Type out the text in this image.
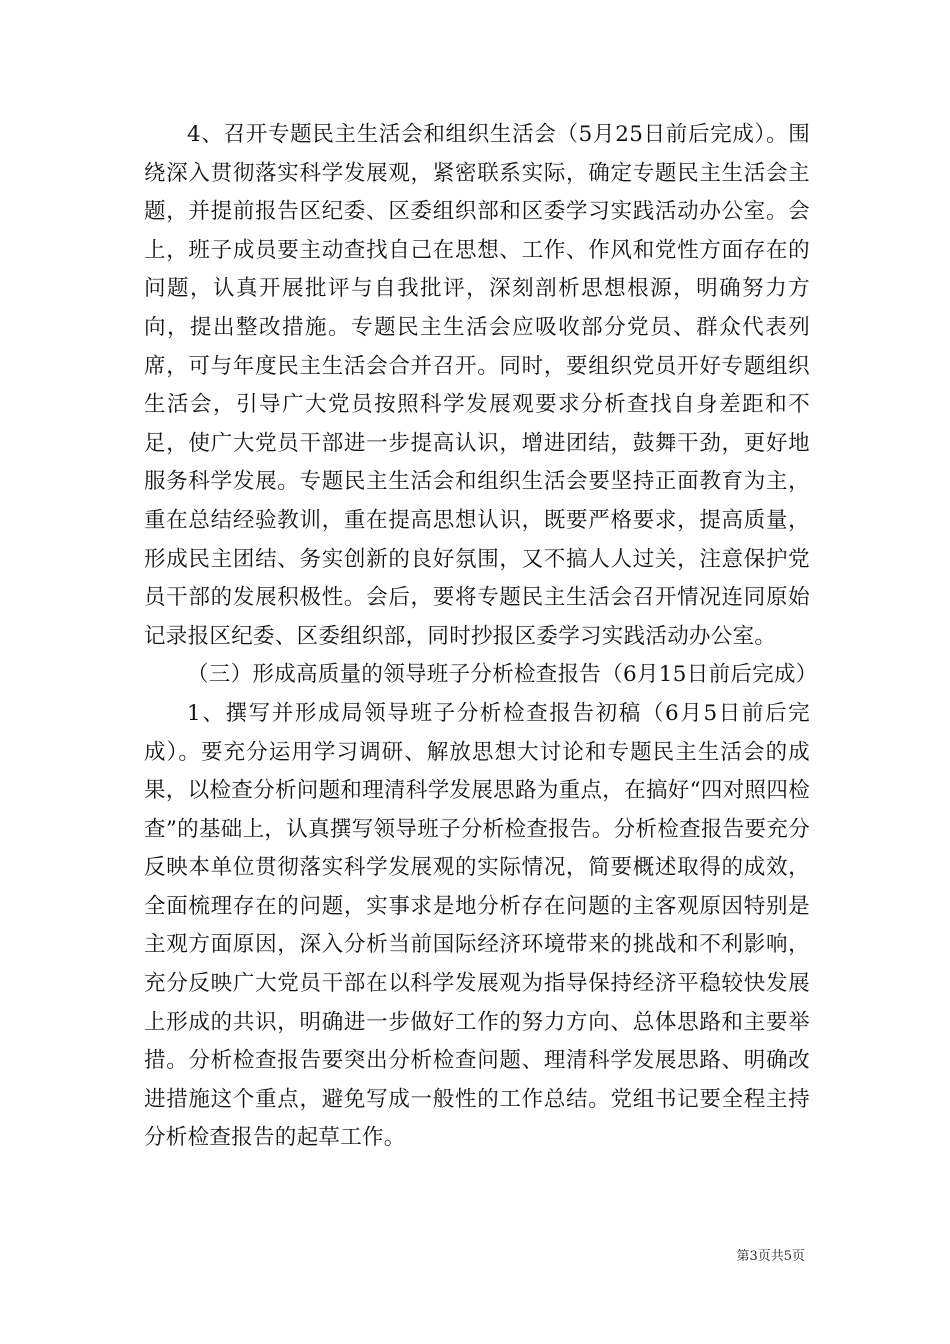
4、召开专题民主生活会和组织生活会（5月25日前后完成）。围绕深入贯彻落实科学发展观，紧密联系实际，确定专题民主生活会主题，并提前报告区纪委、区委组织部和区委学习实践活动办公室。会上，班子成员要主动查找自己在思想、工作、作风和党性方面存在的问题，认真开展批评与自我批评，深刻剖析思想根源，明确努力方向，提出整改措施。专题民主生活会应吸收部分党员、群众代表列席，可与年度民主生活会合并召开。同时，要组织党员开好专题组织生活会，引导广大党员按照科学发展观要求分析查找自身差距和不足，使广大党员干部进一步提高认识，增进团结，鼓舞干劲，更好地服务科学发展。专题民主生活会和组织生活会要坚持正面教育为主，重在总结经验教训，重在提高思想认识，既要严格要求，提高质量，形成民主团结、务实创新的良好氛围，又不搞人人过关，注意保护党员干部的发展积极性。会后，要将专题民主生活会召开情况连同原始记录报区纪委、区委组织部，同时抄报区委学习实践活动办公室。

（三）形成高质量的领导班子分析检查报告（6月15日前后完成）

1、撰写并形成局领导班子分析检查报告初稿（6月5日前后完成）。要充分运用学习调研、解放思想大讨论和专题民主生活会的成果，以检查分析问题和理清科学发展思路为重点，在搞好“四对照四检查”的基础上，认真撰写领导班子分析检查报告。分析检查报告要充分反映本单位贯彻落实科学发展观的实际情况，简要概述取得的成效，全面梳理存在的问题，实事求是地分析存在问题的主客观原因特别是主观方面原因，深入分析当前国际经济环境带来的挑战和不利影响，充分反映广大党员干部在以科学发展观为指导保持经济平稳较快发展上形成的共识，明确进一步做好工作的努力方向、总体思路和主要举措。分析检查报告要突出分析检查问题、理清科学发展思路、明确改进措施这个重点，避免写成一般性的工作总结。党组书记要全程主持分析检查报告的起草工作。

第3页共5页
